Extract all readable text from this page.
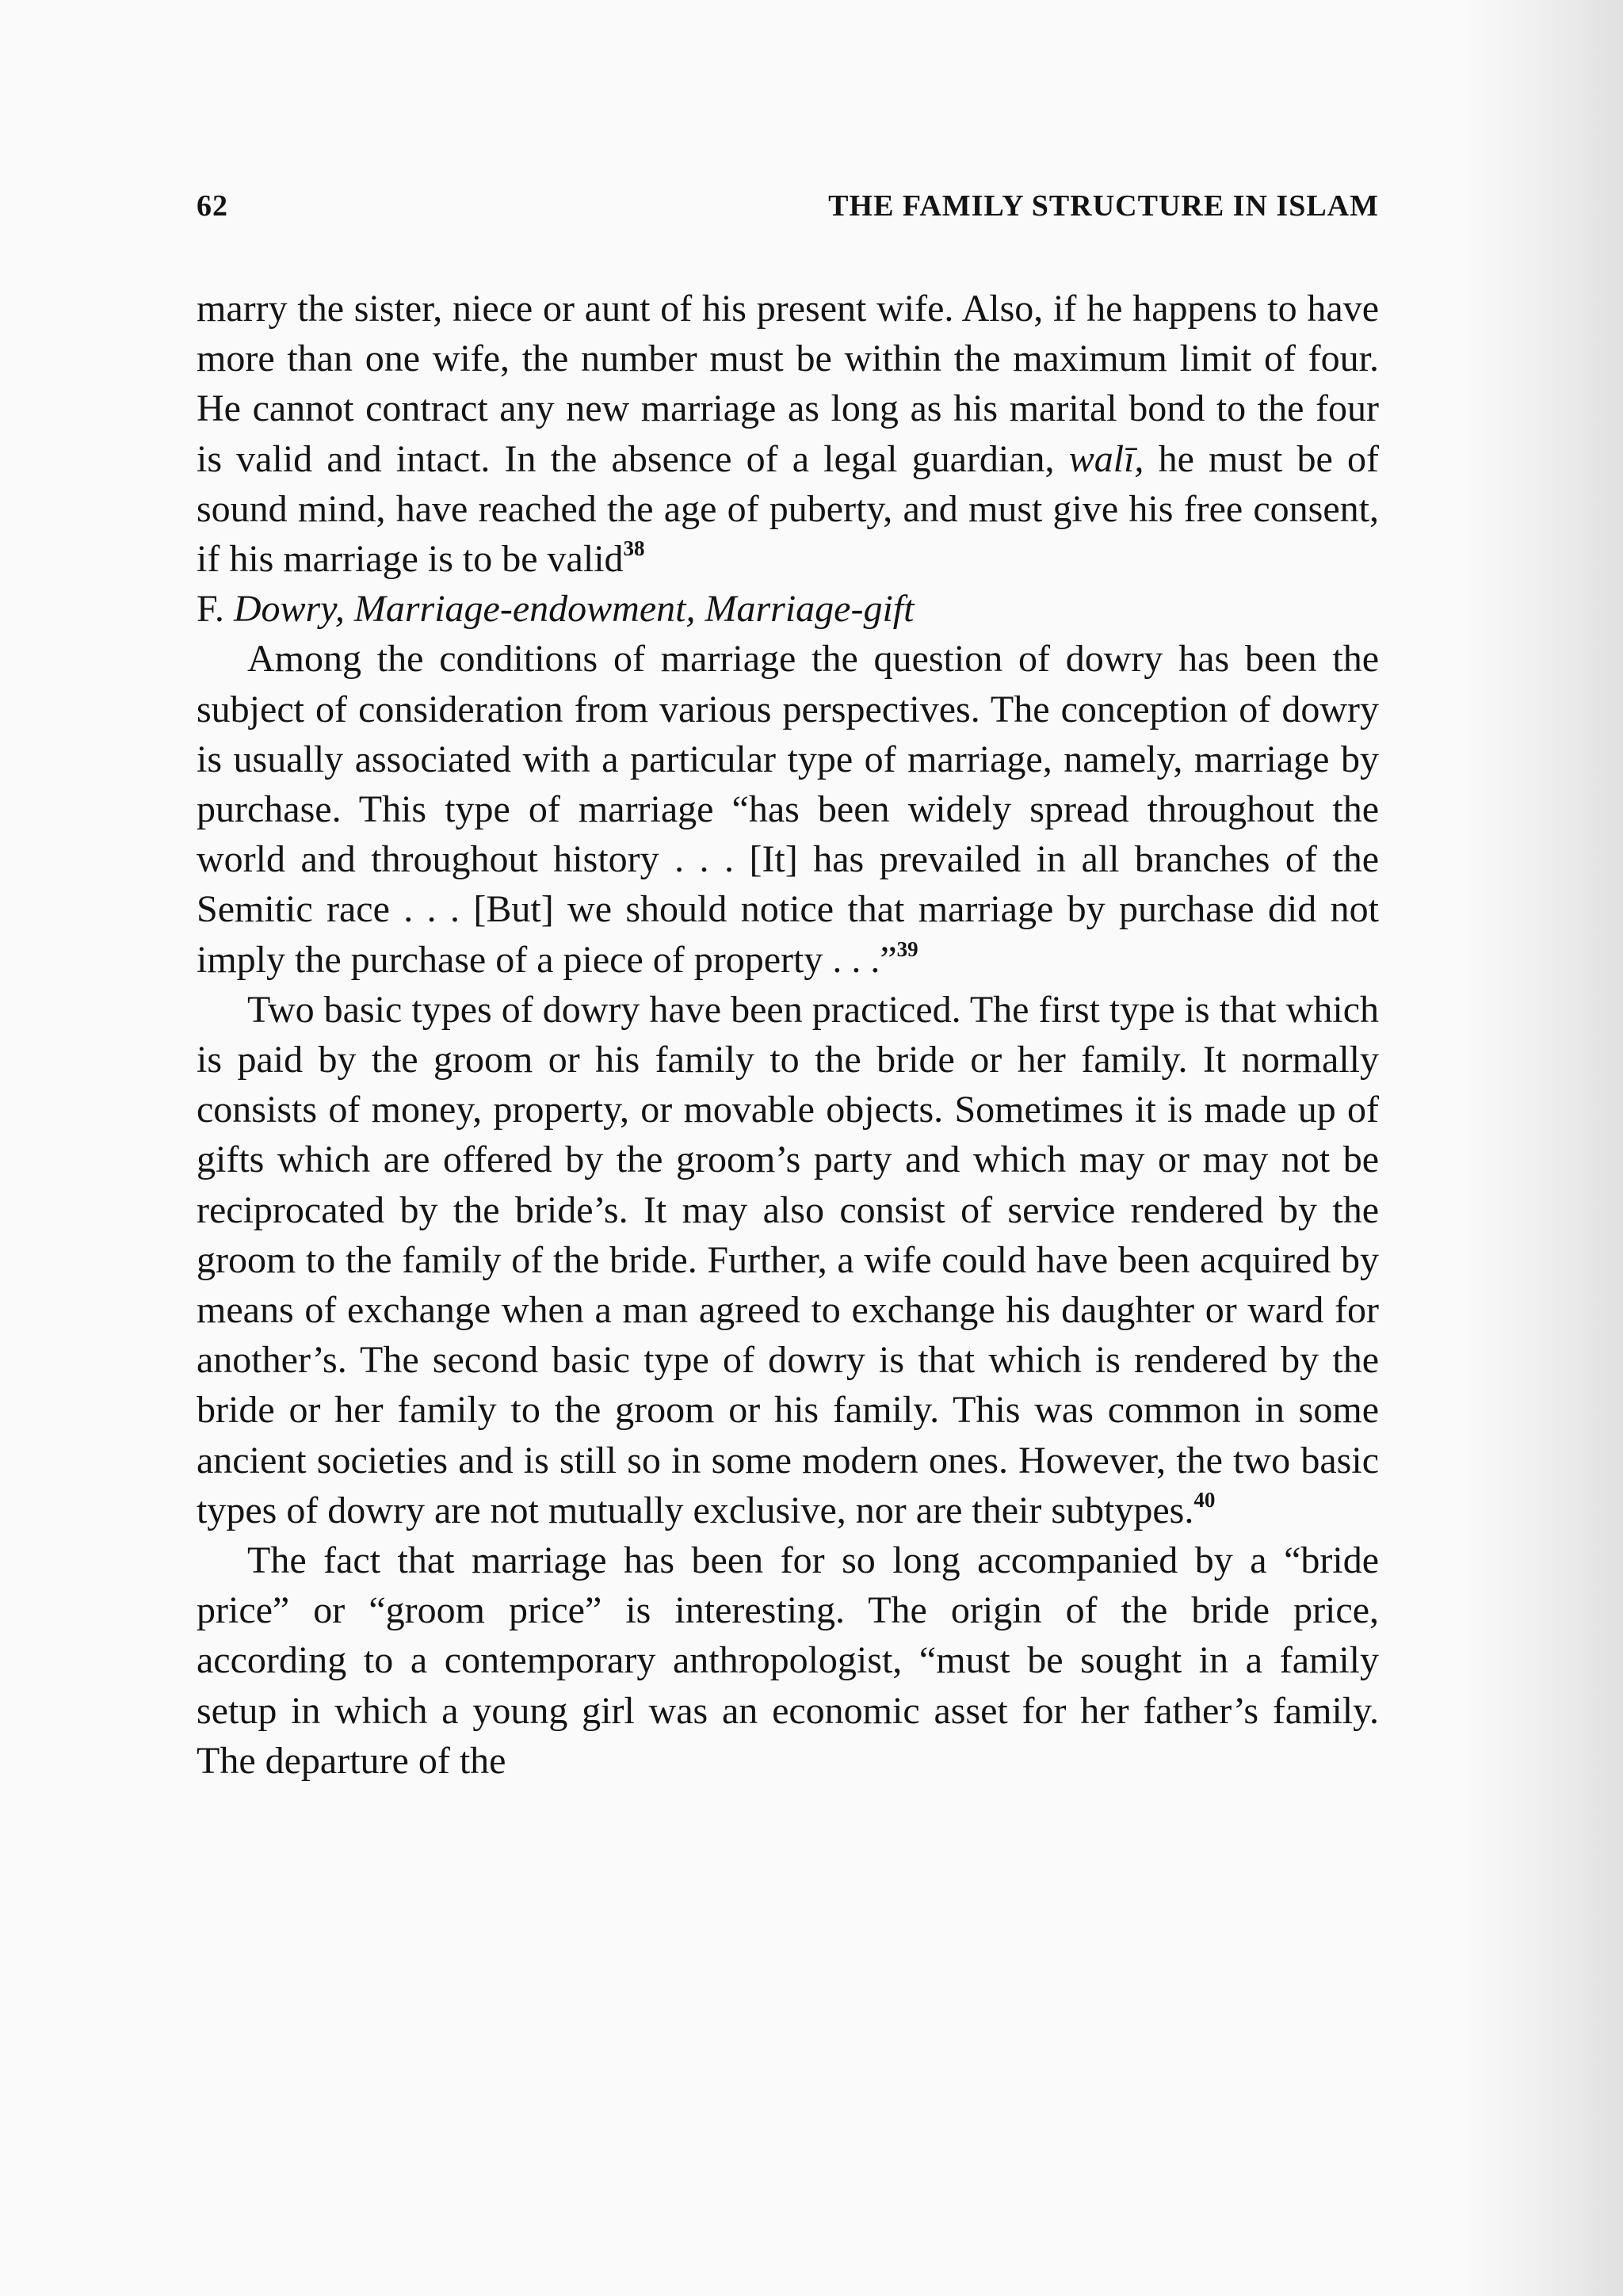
62	THE FAMILY STRUCTURE IN ISLAM

marry the sister, niece or aunt of his present wife. Also, if he happens to have more than one wife, the number must be within the maximum limit of four. He cannot contract any new marriage as long as his marital bond to the four is valid and intact. In the absence of a legal guardian, walī, he must be of sound mind, have reached the age of puberty, and must give his free consent, if his marriage is to be valid$^{38}$

F. Dowry, Marriage-endowment, Marriage-gift

Among the conditions of marriage the question of dowry has been the subject of consideration from various perspectives. The conception of dowry is usually associated with a particular type of marriage, namely, marriage by purchase. This type of marriage “has been widely spread throughout the world and throughout history . . . [It] has prevailed in all branches of the Semitic race . . . [But] we should notice that marriage by purchase did not imply the purchase of a piece of property . . .”$^{39}$

Two basic types of dowry have been practiced. The first type is that which is paid by the groom or his family to the bride or her family. It normally consists of money, property, or movable objects. Sometimes it is made up of gifts which are offered by the groom’s party and which may or may not be reciprocated by the bride’s. It may also consist of service rendered by the groom to the family of the bride. Further, a wife could have been acquired by means of exchange when a man agreed to exchange his daughter or ward for another’s. The second basic type of dowry is that which is rendered by the bride or her family to the groom or his family. This was common in some ancient societies and is still so in some modern ones. However, the two basic types of dowry are not mutually exclusive, nor are their subtypes.$^{40}$

The fact that marriage has been for so long accompanied by a “bride price” or “groom price” is interesting. The origin of the bride price, according to a contemporary anthropologist, “must be sought in a family setup in which a young girl was an economic asset for her father’s family. The departure of the
